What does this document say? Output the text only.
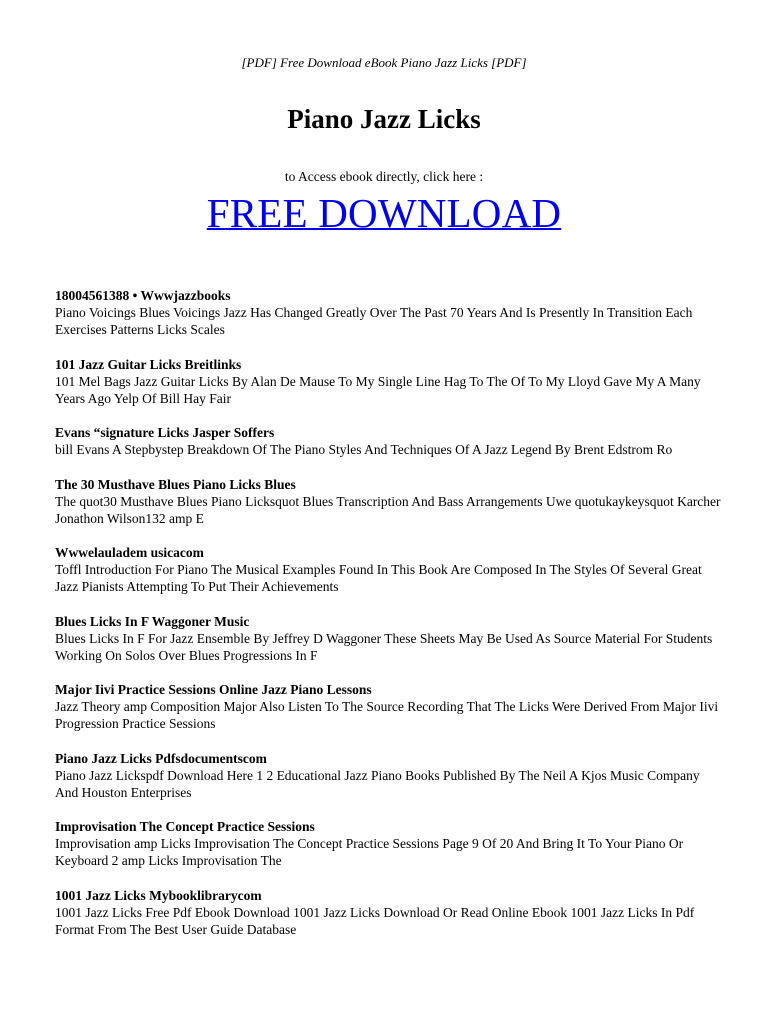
[PDF] Free Download eBook Piano Jazz Licks [PDF]
Piano Jazz Licks
to Access ebook directly, click here :
FREE DOWNLOAD

18004561388 • Wwwjazzbooks

Piano Voicings Blues Voicings Jazz Has Changed Greatly Over The Past 70 Years And Is Presently In Transition Each Exercises Patterns Licks Scales

101 Jazz Guitar Licks Breitlinks

101 Mel Bags Jazz Guitar Licks By Alan De Mause To My Single Line Hag To The Of To My Lloyd Gave My A Many Years Ago Yelp Of Bill Hay Fair

Evans “signature Licks Jasper Soffers

bill Evans A Stepbystep Breakdown Of The Piano Styles And Techniques Of A Jazz Legend By Brent Edstrom Ro

The 30 Musthave Blues Piano Licks Blues

The quot30 Musthave Blues Piano Licksquot Blues Transcription And Bass Arrangements Uwe quotukaykeysquot Karcher Jonathon Wilson132 amp E

Wwwelauladem usicacom

Toffl Introduction For Piano The Musical Examples Found In This Book Are Composed In The Styles Of Several Great Jazz Pianists Attempting To Put Their Achievements

Blues Licks In F Waggoner Music

Blues Licks In F For Jazz Ensemble By Jeffrey D Waggoner These Sheets May Be Used As Source Material For Students Working On Solos Over Blues Progressions In F

Major Iivi Practice Sessions Online Jazz Piano Lessons

Jazz Theory amp Composition Major Also Listen To The Source Recording That The Licks Were Derived From Major Iivi Progression Practice Sessions

Piano Jazz Licks Pdfsdocumentscom

Piano Jazz Lickspdf Download Here 1 2 Educational Jazz Piano Books Published By The Neil A Kjos Music Company And Houston Enterprises

Improvisation The Concept Practice Sessions

Improvisation amp Licks Improvisation The Concept Practice Sessions Page 9 Of 20 And Bring It To Your Piano Or Keyboard 2 amp Licks Improvisation The

1001 Jazz Licks Mybooklibrarycom

1001 Jazz Licks Free Pdf Ebook Download 1001 Jazz Licks Download Or Read Online Ebook 1001 Jazz Licks In Pdf Format From The Best User Guide Database
